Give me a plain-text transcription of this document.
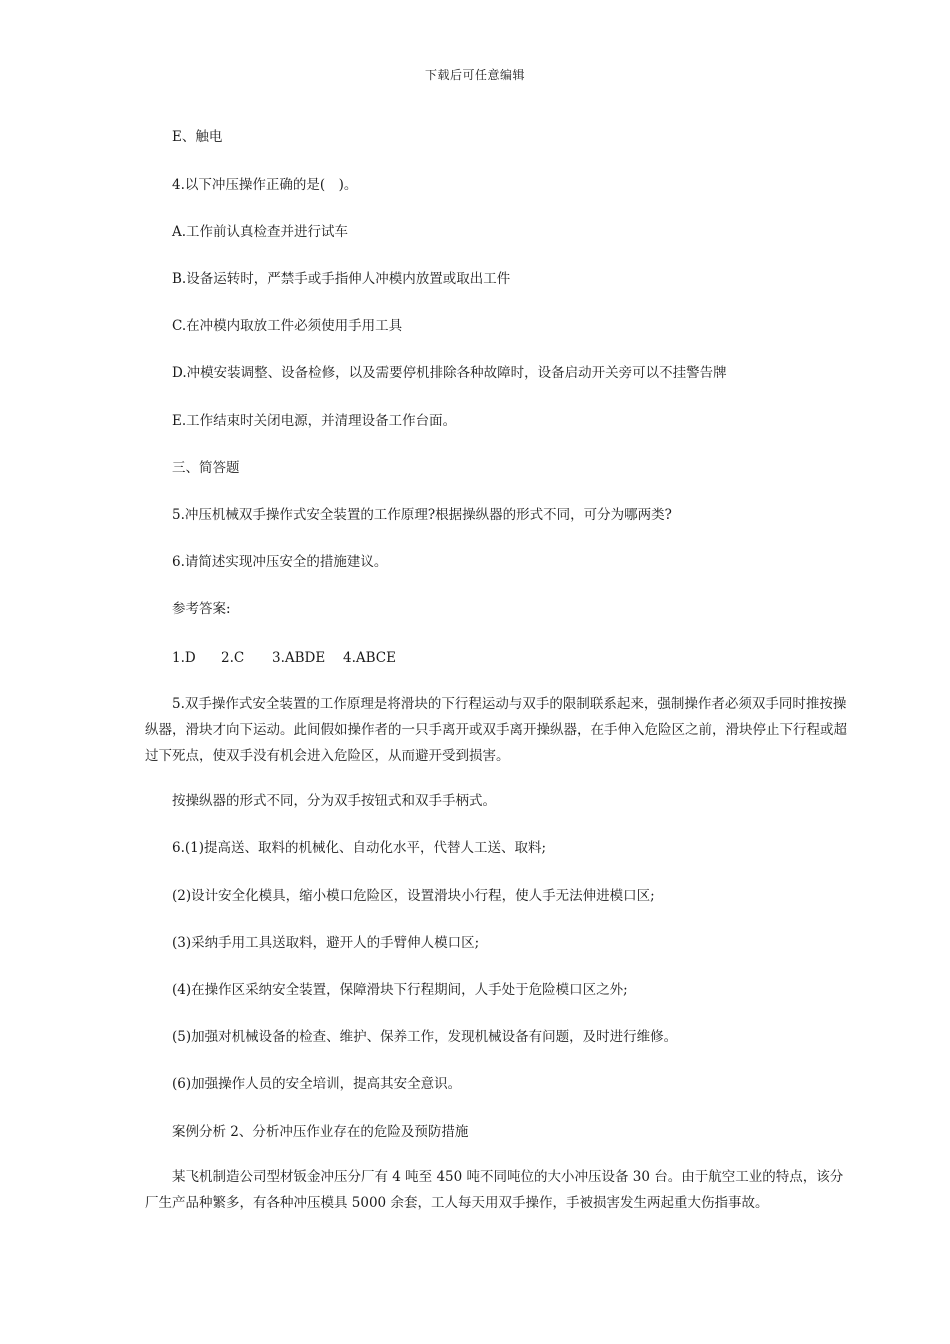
下载后可任意编辑
E、触电
4.以下冲压操作正确的是(　)。
A.工作前认真检查并进行试车
B.设备运转时，严禁手或手指伸人冲模内放置或取出工件
C.在冲模内取放工件必须使用手用工具
D.冲模安装调整、设备检修，以及需要停机排除各种故障时，设备启动开关旁可以不挂警告牌
E.工作结束时关闭电源，并清理设备工作台面。
三、简答题
5.冲压机械双手操作式安全装置的工作原理?根据操纵器的形式不同，可分为哪两类?
6.请简述实现冲压安全的措施建议。
参考答案:
1.D 2.C 3.ABDE 4.ABCE
5.双手操作式安全装置的工作原理是将滑块的下行程运动与双手的限制联系起来，强制操作者必须双手同时推按操纵器，滑块才向下运动。此间假如操作者的一只手离开或双手离开操纵器，在手伸入危险区之前，滑块停止下行程或超过下死点，使双手没有机会进入危险区，从而避开受到损害。
按操纵器的形式不同，分为双手按钮式和双手手柄式。
6.(1)提高送、取料的机械化、自动化水平，代替人工送、取料;
(2)设计安全化模具，缩小模口危险区，设置滑块小行程，使人手无法伸进模口区;
(3)采纳手用工具送取料，避开人的手臂伸人模口区;
(4)在操作区采纳安全装置，保障滑块下行程期间，人手处于危险模口区之外;
(5)加强对机械设备的检查、维护、保养工作，发现机械设备有问题，及时进行维修。
(6)加强操作人员的安全培训，提高其安全意识。
案例分析 2、分析冲压作业存在的危险及预防措施
某飞机制造公司型材钣金冲压分厂有 4 吨至 450 吨不同吨位的大小冲压设备 30 台。由于航空工业的特点，该分厂生产品种繁多，有各种冲压模具 5000 余套，工人每天用双手操作，手被损害发生两起重大伤指事故。
